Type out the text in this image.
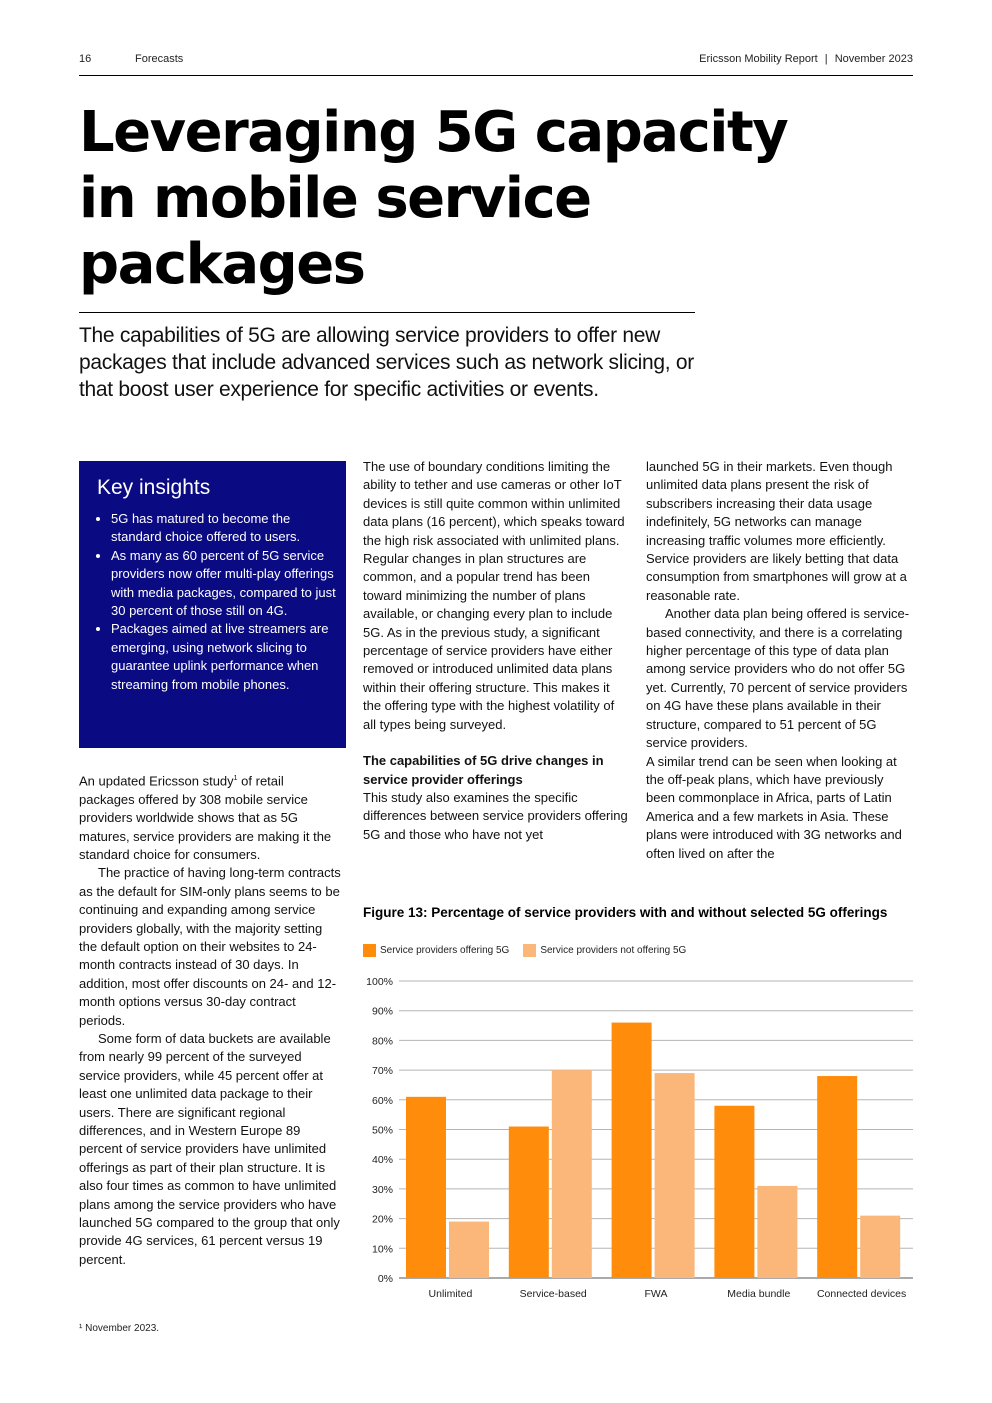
16	Forecasts	Ericsson Mobility Report | November 2023
Leveraging 5G capacity in mobile service packages

The capabilities of 5G are allowing service providers to offer new packages that include advanced services such as network slicing, or that boost user experience for specific activities or events.

Key insights
• 5G has matured to become the standard choice offered to users.
• As many as 60 percent of 5G service providers now offer multi-play offerings with media packages, compared to just 30 percent of those still on 4G.
• Packages aimed at live streamers are emerging, using network slicing to guarantee uplink performance when streaming from mobile phones.

An updated Ericsson study$^1$ of retail packages offered by 308 mobile service providers worldwide shows that as 5G matures, service providers are making it the standard choice for consumers.

The practice of having long-term contracts as the default for SIM-only plans seems to be continuing and expanding among service providers globally, with the majority setting the default option on their websites to 24-month contracts instead of 30 days. In addition, most offer discounts on 24- and 12-month options versus 30-day contract periods.

Some form of data buckets are available from nearly 99 percent of the surveyed service providers, while 45 percent offer at least one unlimited data package to their users. There are significant regional differences, and in Western Europe 89 percent of service providers have unlimited offerings as part of their plan structure. It is also four times as common to have unlimited plans among the service providers who have launched 5G compared to the group that only provide 4G services, 61 percent versus 19 percent.

The use of boundary conditions limiting the ability to tether and use cameras or other IoT devices is still quite common within unlimited data plans (16 percent), which speaks toward the high risk associated with unlimited plans. Regular changes in plan structures are common, and a popular trend has been toward minimizing the number of plans available, or changing every plan to include 5G. As in the previous study, a significant percentage of service providers have either removed or introduced unlimited data plans within their offering structure. This makes it the offering type with the highest volatility of all types being surveyed.

The capabilities of 5G drive changes in service provider offerings

This study also examines the specific differences between service providers offering 5G and those who have not yet

launched 5G in their markets. Even though unlimited data plans present the risk of subscribers increasing their data usage indefinitely, 5G networks can manage increasing traffic volumes more efficiently. Service providers are likely betting that data consumption from smartphones will grow at a reasonable rate.

Another data plan being offered is service-based connectivity, and there is a correlating higher percentage of this type of data plan among service providers who do not offer 5G yet. Currently, 70 percent of service providers on 4G have these plans available in their structure, compared to 51 percent of 5G service providers.

A similar trend can be seen when looking at the off-peak plans, which have previously been commonplace in Africa, parts of Latin America and a few markets in Asia. These plans were introduced with 3G networks and often lived on after the

Figure 13: Percentage of service providers with and without selected 5G offerings

Service providers offering 5G	Service providers not offering 5G
0%
10%
20%
30%
40%
50%
60%
70%
80%
90%
100%
Unlimited	Service-based	FWA	Media bundle	Connected devices
¹ November 2023.
